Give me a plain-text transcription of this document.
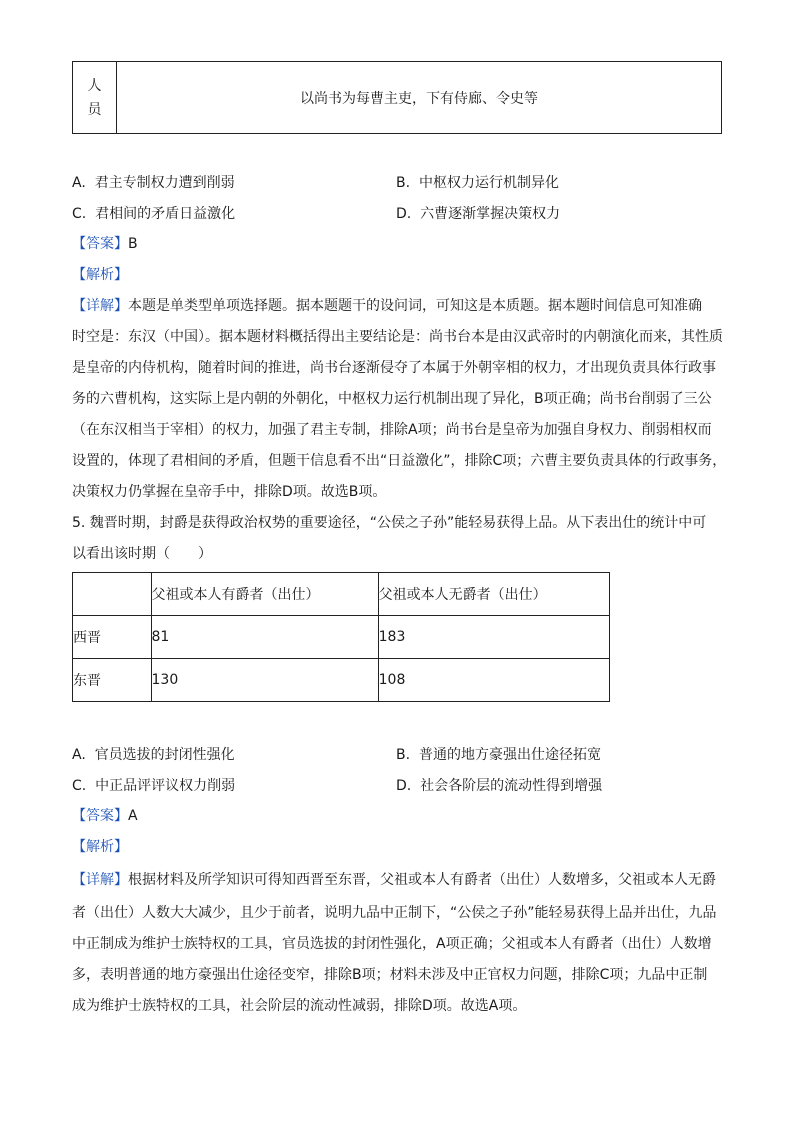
人
员
	以尚书为每曹主吏，下有侍廊、令史等
A. 君主专制权力遭到削弱	B. 中枢权力运行机制异化
C. 君相间的矛盾日益激化	D. 六曹逐渐掌握决策权力
【答案】B
【解析】
【详解】本题是单类型单项选择题。据本题题干的设问词，可知这是本质题。据本题时间信息可知准确
时空是：东汉（中国）。据本题材料概括得出主要结论是：尚书台本是由汉武帝时的内朝演化而来，其性质
是皇帝的内侍机构，随着时间的推进，尚书台逐渐侵夺了本属于外朝宰相的权力，才出现负责具体行政事
务的六曹机构，这实际上是内朝的外朝化，中枢权力运行机制出现了异化，B项正确；尚书台削弱了三公
（在东汉相当于宰相）的权力，加强了君主专制，排除A项；尚书台是皇帝为加强自身权力、削弱相权而
设置的，体现了君相间的矛盾，但题干信息看不出“日益激化”，排除C项；六曹主要负责具体的行政事务，
决策权力仍掌握在皇帝手中，排除D项。故选B项。
5. 魏晋时期，封爵是获得政治权势的重要途径，“公侯之子孙”能轻易获得上品。从下表出仕的统计中可
以看出该时期（　　）
	父祖或本人有爵者（出仕）	父祖或本人无爵者（出仕）
西晋	81	183
东晋	130	108
A. 官员选拔的封闭性强化	B. 普通的地方豪强出仕途径拓宽
C. 中正品评评议权力削弱	D. 社会各阶层的流动性得到增强
【答案】A
【解析】
【详解】根据材料及所学知识可得知西晋至东晋，父祖或本人有爵者（出仕）人数增多，父祖或本人无爵
者（出仕）人数大大减少，且少于前者，说明九品中正制下，“公侯之子孙”能轻易获得上品并出仕，九品
中正制成为维护士族特权的工具，官员选拔的封闭性强化，A项正确；父祖或本人有爵者（出仕）人数增
多，表明普通的地方豪强出仕途径变窄，排除B项；材料未涉及中正官权力问题，排除C项；九品中正制
成为维护士族特权的工具，社会阶层的流动性减弱，排除D项。故选A项。
